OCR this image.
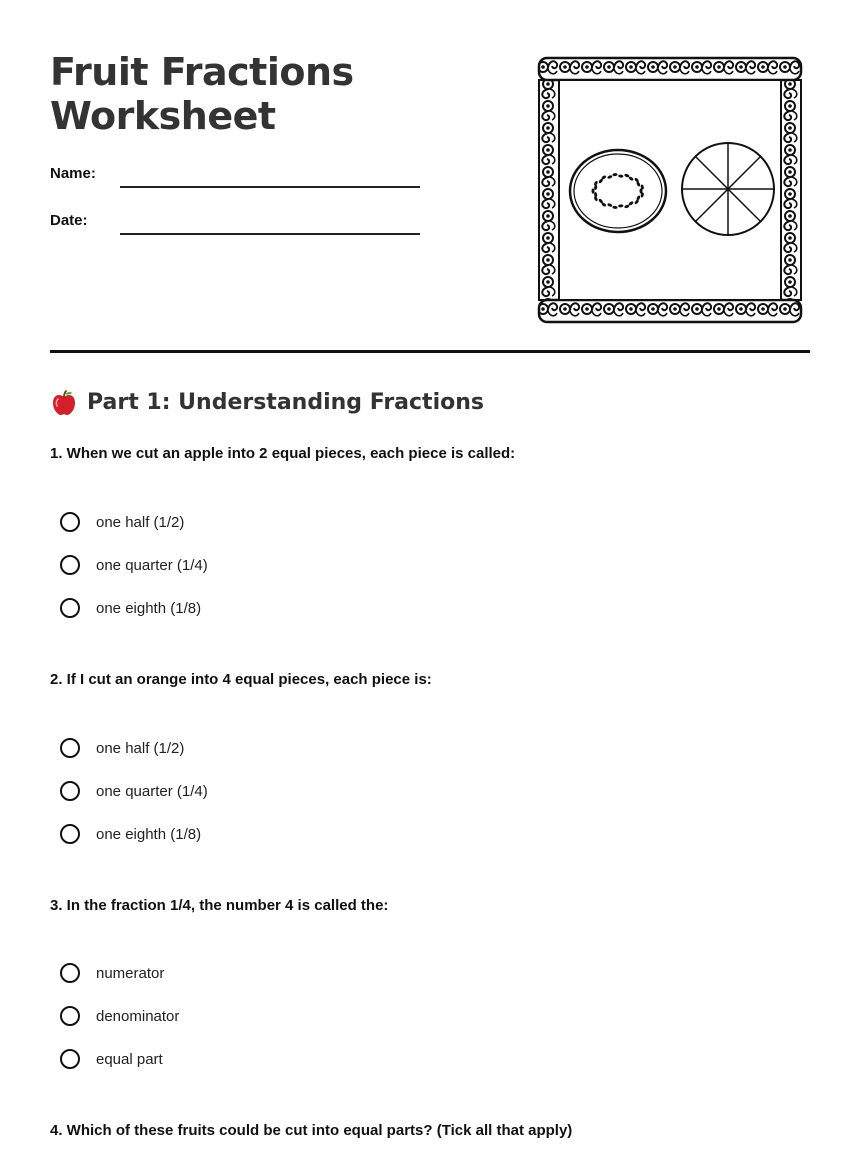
Fruit Fractions
Worksheet
Name:
Date:
Part 1: Understanding Fractions
1. When we cut an apple into 2 equal pieces, each piece is called:
one half (1/2)
one quarter (1/4)
one eighth (1/8)
2. If I cut an orange into 4 equal pieces, each piece is:
one half (1/2)
one quarter (1/4)
one eighth (1/8)
3. In the fraction 1/4, the number 4 is called the:
numerator
denominator
equal part
4. Which of these fruits could be cut into equal parts? (Tick all that apply)
